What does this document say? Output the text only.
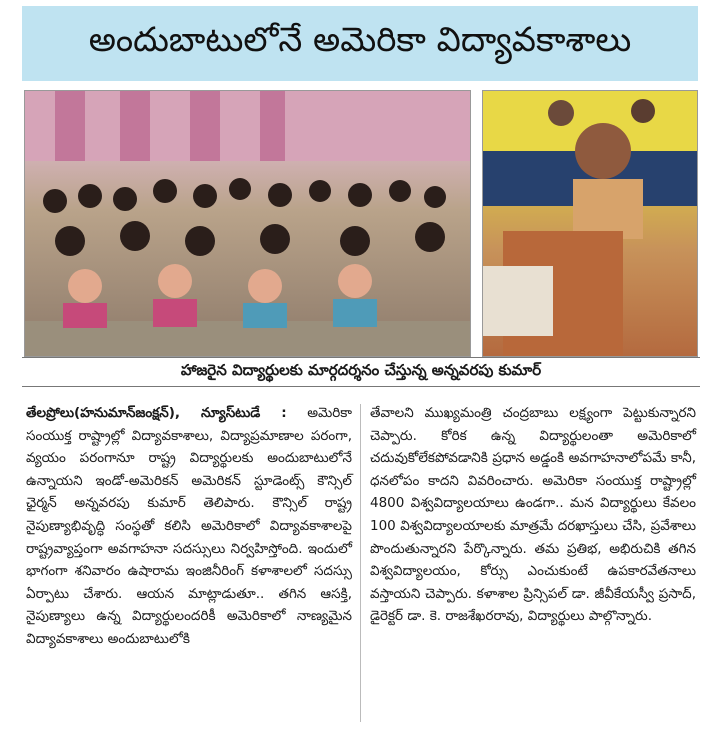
అందుబాటులోనే అమెరికా విద్యావకాశాలు
హాజరైన విద్యార్థులకు మార్గదర్శనం చేస్తున్న అన్నవరపు కుమార్
తేలప్రోలు(హనుమాన్‌జంక్షన్‌), న్యూస్‌టుడే : అమెరికా సంయుక్త రాష్ట్రాల్లో విద్యావకాశాలు, విద్యాప్రమాణాల పరంగా, వ్యయం పరంగానూ రాష్ట్ర విద్యార్థులకు అందుబాటులోనే ఉన్నాయని ఇండో-అమెరికన్‌ అమెరికన్‌ స్టూడెంట్స్‌ కౌన్సిల్‌ ఛైర్మన్‌ అన్నవరపు కుమార్‌ తెలిపారు. కౌన్సిల్‌ రాష్ట్ర నైపుణ్యాభివృద్ధి సంస్థతో కలిసి అమెరికాలో విద్యావకాశాలపై రాష్ట్రవ్యాప్తంగా అవగాహనా సదస్సులు నిర్వహిస్తోంది. ఇందులో భాగంగా శనివారం ఉషారామ ఇంజినీరింగ్‌ కళాశాలలో సదస్సు ఏర్పాటు చేశారు. ఆయన మాట్లాడుతూ.. తగిన ఆసక్తి, నైపుణ్యాలు ఉన్న విద్యార్థులందరికీ అమెరికాలో నాణ్యమైన విద్యావకాశాలు అందుబాటులోకి
తేవాలని ముఖ్యమంత్రి చంద్రబాబు లక్ష్యంగా పెట్టుకున్నారని చెప్పారు. కోరిక ఉన్న విద్యార్థులంతా అమెరికాలో చదువుకోలేకపోవడానికి ప్రధాన అడ్డంకి అవగాహనాలోపమే కానీ, ధనలోపం కాదని వివరించారు. అమెరికా సంయుక్త రాష్ట్రాల్లో 4800 విశ్వవిద్యాలయాలు ఉండగా.. మన విద్యార్థులు కేవలం 100 విశ్వవిద్యాలయాలకు మాత్రమే దరఖాస్తులు చేసి, ప్రవేశాలు పొందుతున్నారని పేర్కొన్నారు. తమ ప్రతిభ, అభిరుచికి తగిన విశ్వవిద్యాలయం, కోర్సు ఎంచుకుంటే ఉపకారవేతనాలు వస్తాయని చెప్పారు. కళాశాల ప్రిన్సిపల్‌ డా. జీవీకేయస్వీ ప్రసాద్‌, డైరెక్టర్‌ డా. కె. రాజశేఖరరావు, విద్యార్థులు పాల్గొన్నారు.
